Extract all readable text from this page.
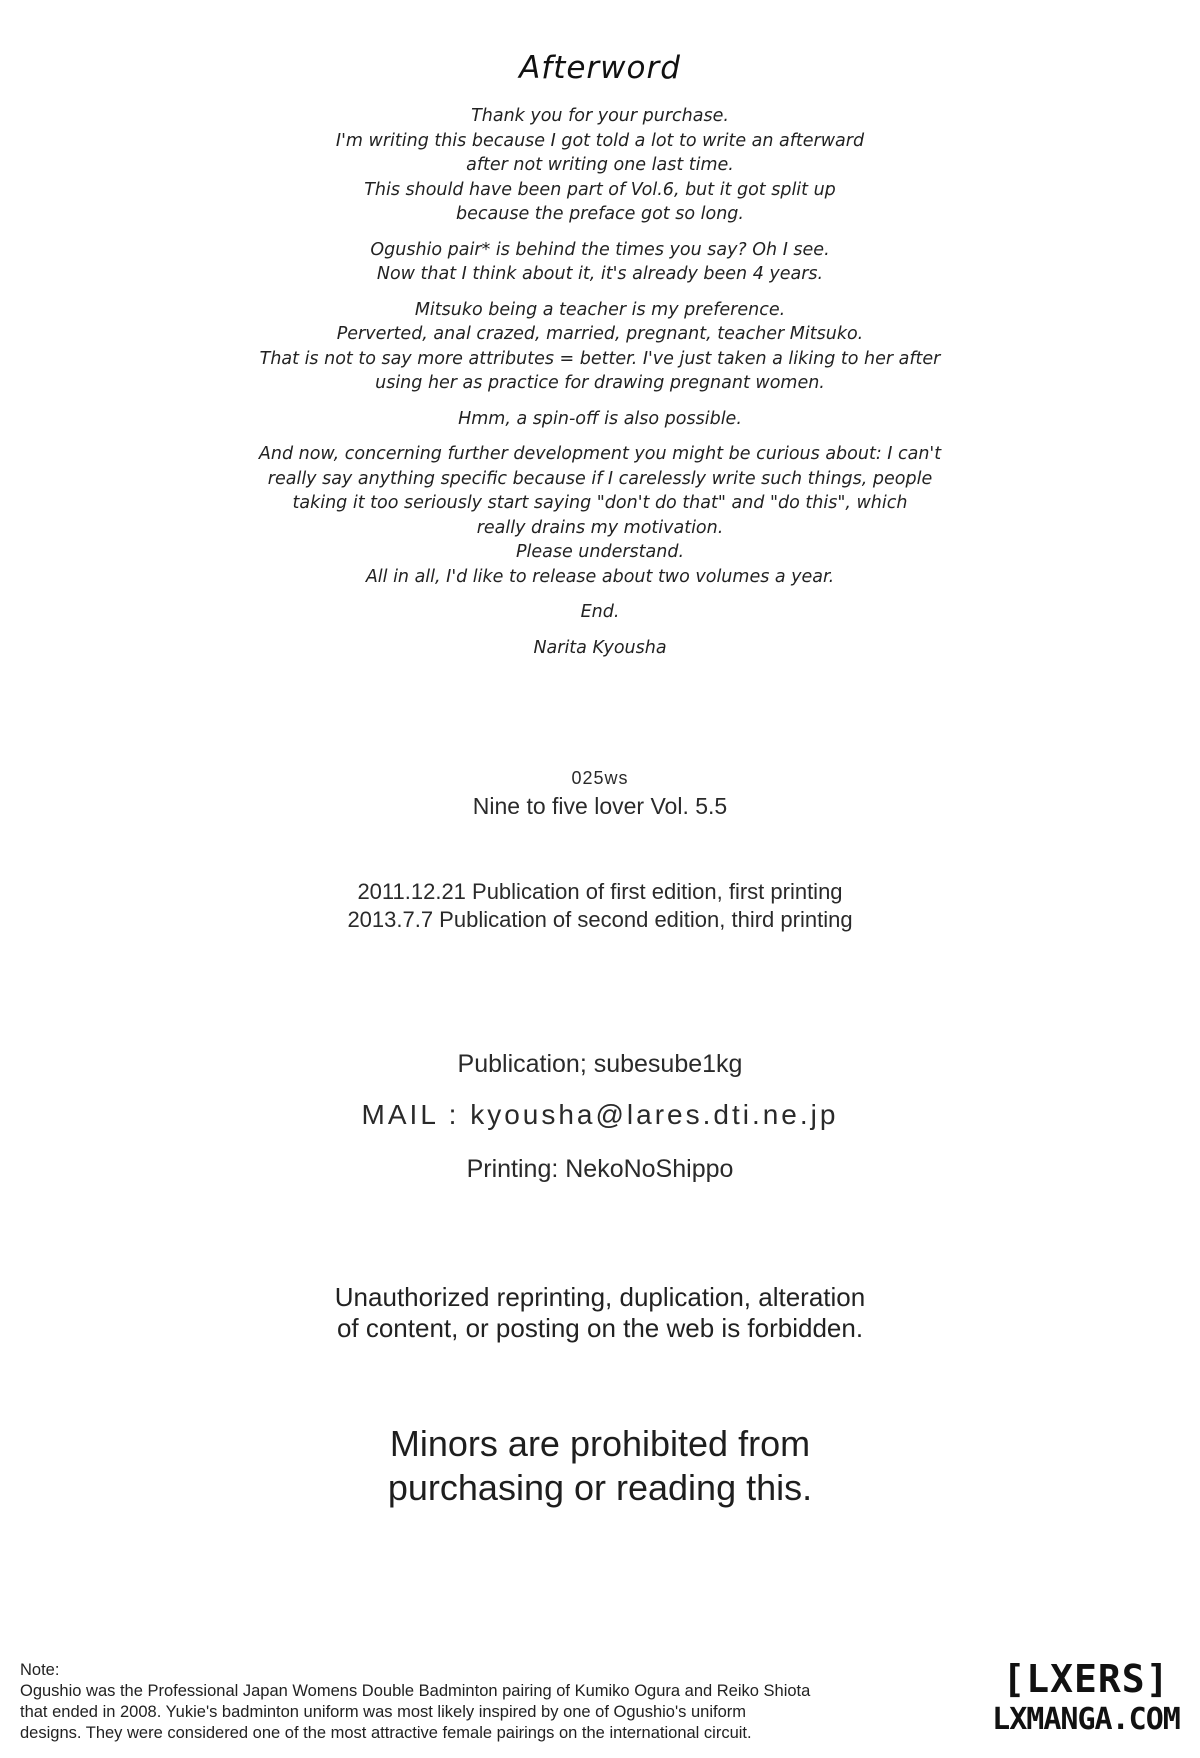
Afterword
Thank you for your purchase.
I'm writing this because I got told a lot to write an afterward
after not writing one last time.
This should have been part of Vol.6, but it got split up
because the preface got so long.
Ogushio pair* is behind the times you say? Oh I see.
Now that I think about it, it's already been 4 years.
Mitsuko being a teacher is my preference.
Perverted, anal crazed, married, pregnant, teacher Mitsuko.
That is not to say more attributes = better. I've just taken a liking to her after
using her as practice for drawing pregnant women.
Hmm, a spin-off is also possible.
And now, concerning further development you might be curious about: I can't
really say anything specific because if I carelessly write such things, people
taking it too seriously start saying "don't do that" and "do this", which
really drains my motivation.
Please understand.
All in all, I'd like to release about two volumes a year.
End.
Narita Kyousha
025ws
Nine to five lover Vol. 5.5
2011.12.21 Publication of first edition, first printing
2013.7.7 Publication of second edition, third printing
Publication; subesube1kg
MAIL : kyousha@lares.dti.ne.jp
Printing: NekoNoShippo
Unauthorized reprinting, duplication, alteration
of content, or posting on the web is forbidden.
Minors are prohibited from
purchasing or reading this.
Note:
Ogushio was the Professional Japan Womens Double Badminton pairing of Kumiko Ogura and Reiko Shiota
that ended in 2008. Yukie's badminton uniform was most likely inspired by one of Ogushio's uniform
designs. They were considered one of the most attractive female pairings on the international circuit.
[LXERS]
LXMANGA.COM
